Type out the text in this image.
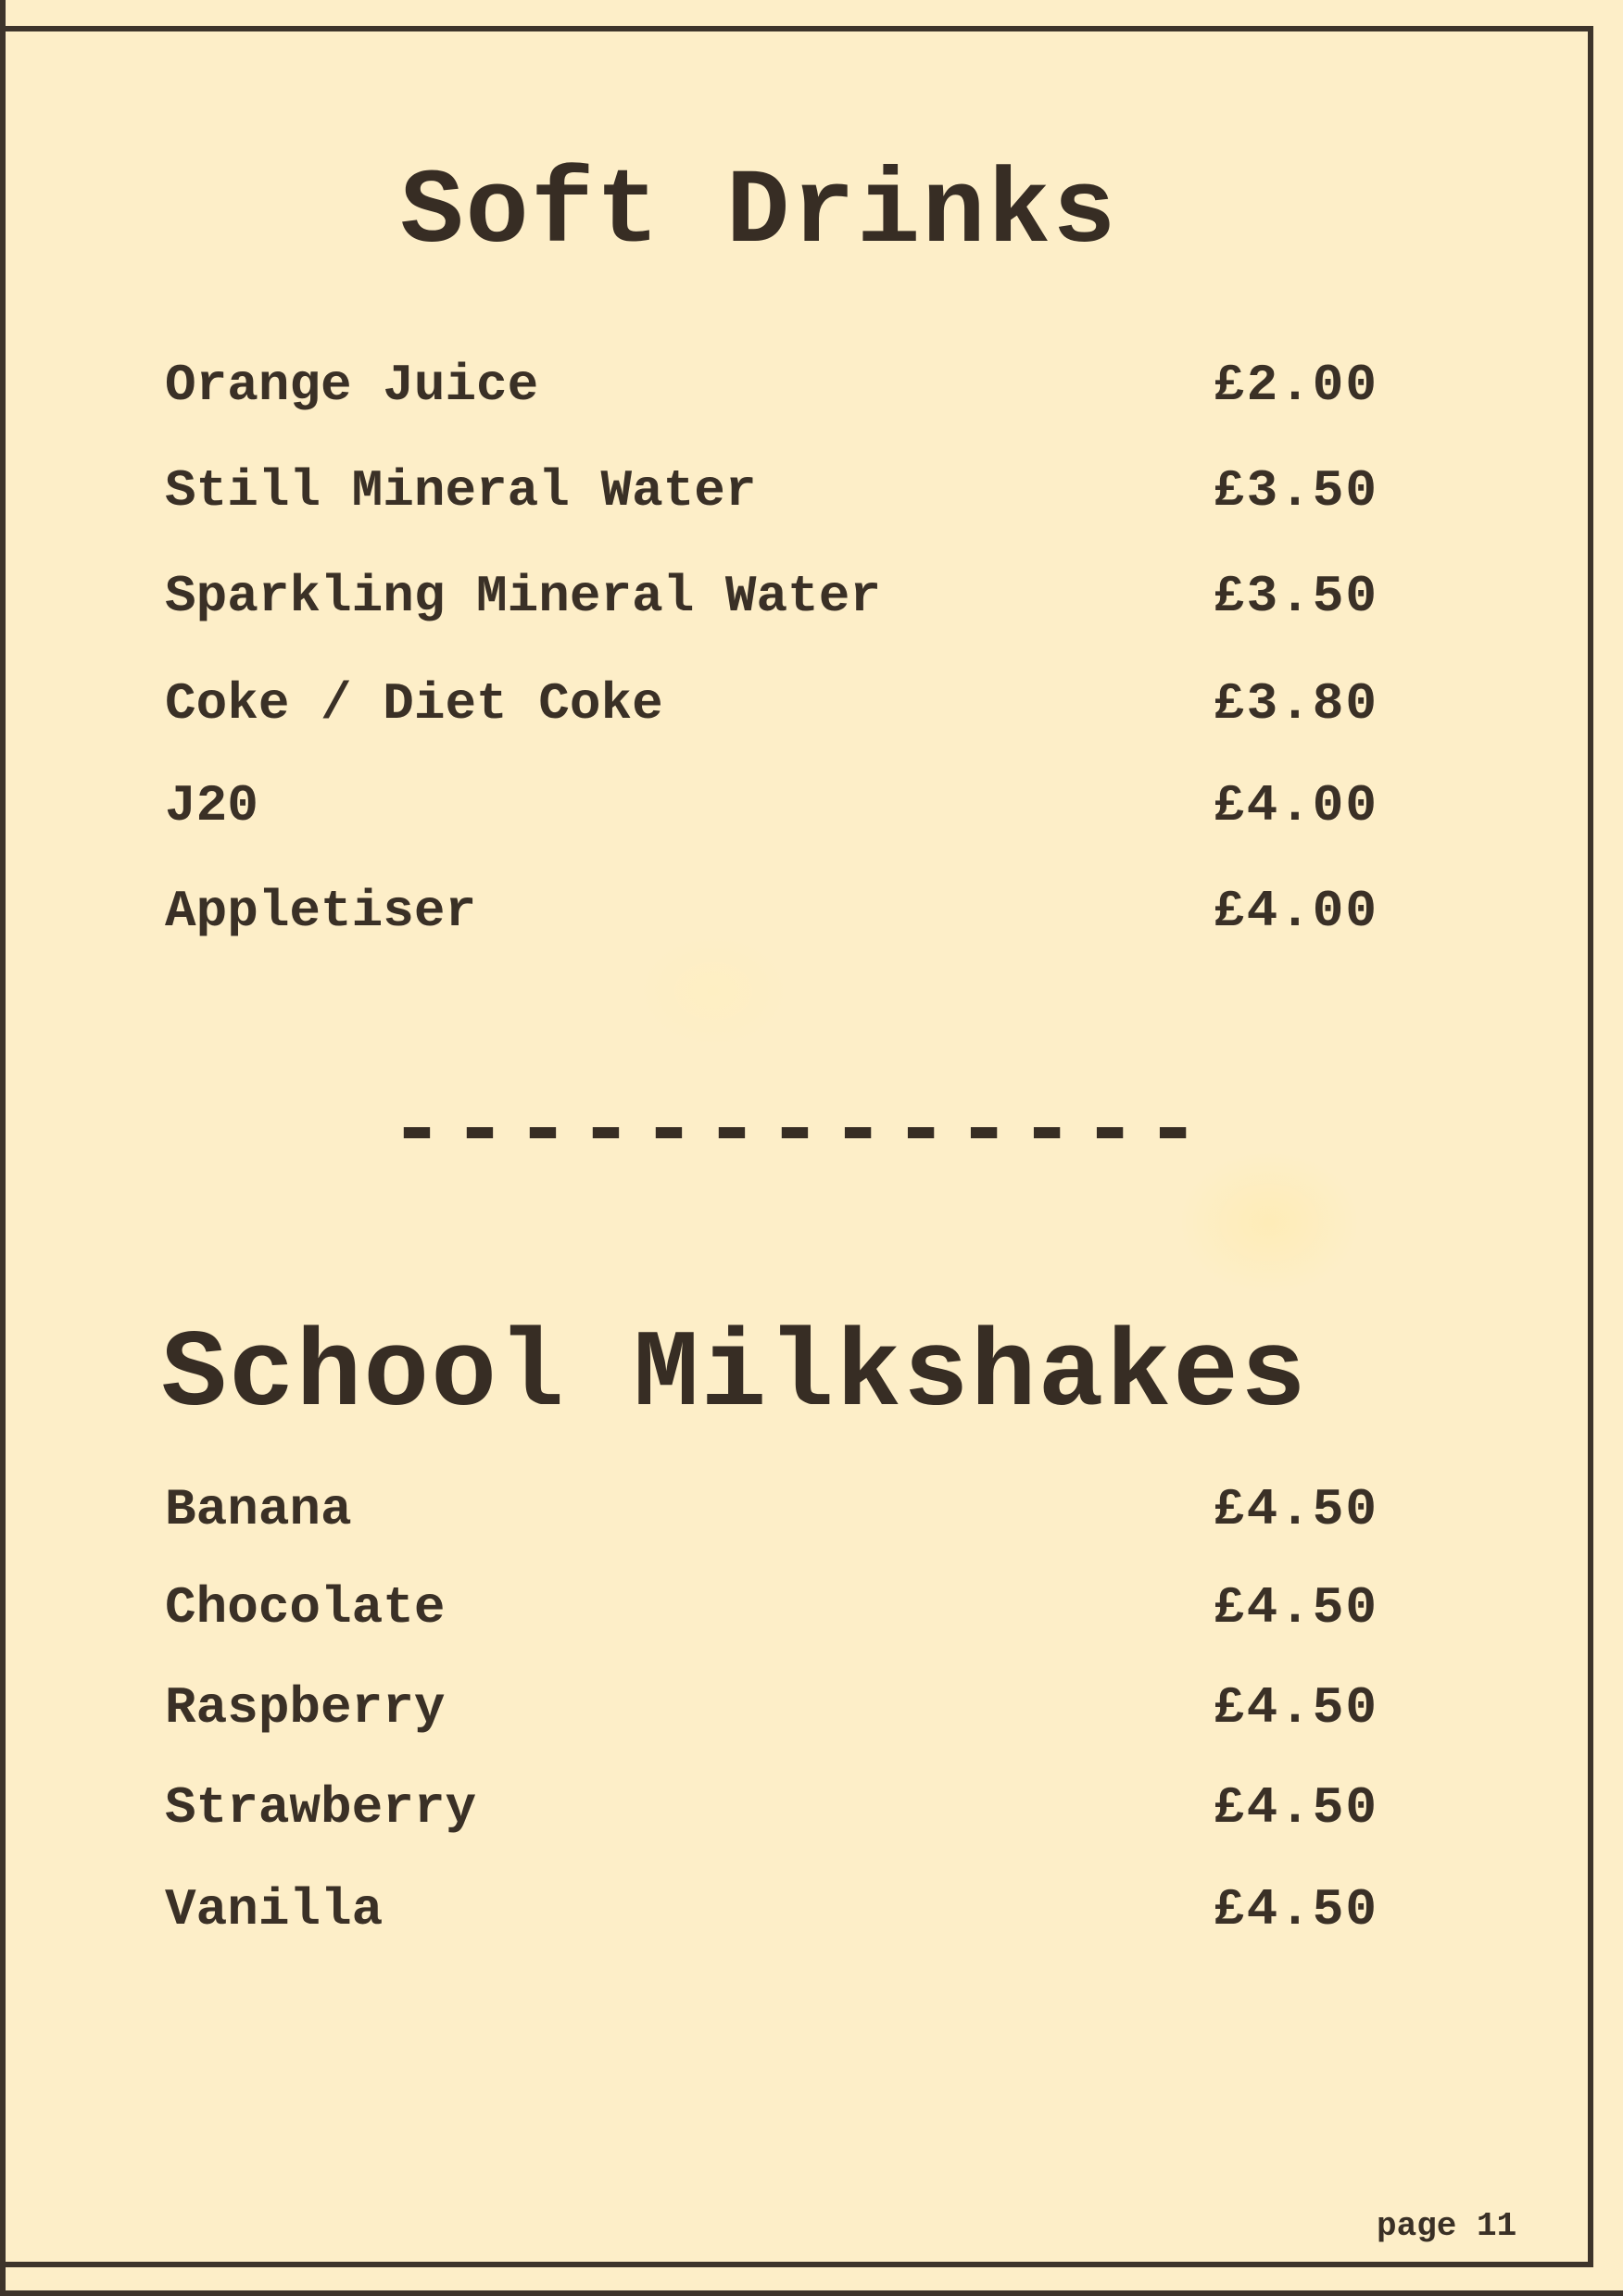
Soft Drinks
Orange Juice	£2.00
Still Mineral Water	£3.50
Sparkling Mineral Water	£3.50
Coke / Diet Coke	£3.80
J20	£4.00
Appletiser	£4.00
-------------
School Milkshakes
Banana	£4.50
Chocolate	£4.50
Raspberry	£4.50
Strawberry	£4.50
Vanilla	£4.50
page 11
